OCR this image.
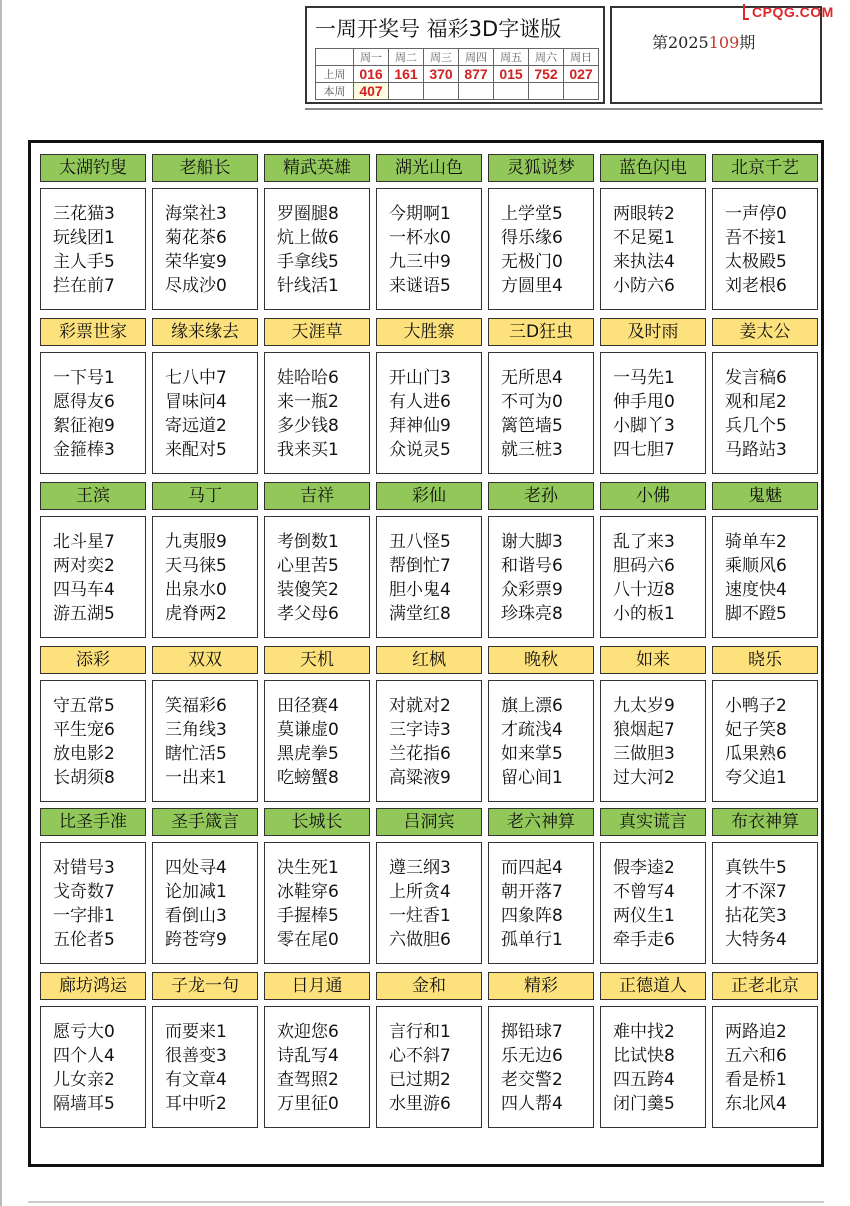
一周开奖号 福彩3D字谜版
	周一	周二	周三	周四	周五	周六	周日
上周	016	161	370	877	015	752	027
本周	407						
第2025109期
CPQG.COM
太湖钓叟
三花猫3
玩线团1
主人手5
拦在前7
老船长
海棠社3
菊花茶6
荣华宴9
尽成沙0
精武英雄
罗圈腿8
炕上做6
手拿线5
针线活1
湖光山色
今期啊1
一杯水0
九三中9
来谜语5
灵狐说梦
上学堂5
得乐缘6
无极门0
方圆里4
蓝色闪电
两眼转2
不足冕1
来执法4
小防六6
北京千艺
一声停0
吾不接1
太极殿5
刘老根6
彩票世家
一下号1
愿得友6
絮征袍9
金箍棒3
缘来缘去
七八中7
冒味问4
寄远道2
来配对5
天涯草
娃哈哈6
来一瓶2
多少钱8
我来买1
大胜寨
开山门3
有人进6
拜神仙9
众说灵5
三D狂虫
无所思4
不可为0
篱笆墙5
就三桩3
及时雨
一马先1
伸手甩0
小脚丫3
四七胆7
姜太公
发言稿6
观和尾2
兵几个5
马路站3
王滨
北斗星7
两对奕2
四马车4
游五湖5
马丁
九夷服9
天马徕5
出泉水0
虎脊两2
吉祥
考倒数1
心里苦5
装傻笑2
孝父母6
彩仙
丑八怪5
帮倒忙7
胆小鬼4
满堂红8
老孙
谢大脚3
和谐号6
众彩票9
珍珠亮8
小佛
乱了来3
胆码六6
八十迈8
小的板1
鬼魅
骑单车2
乘顺风6
速度快4
脚不蹬5
添彩
守五常5
平生宠6
放电影2
长胡须8
双双
笑福彩6
三角线3
瞎忙活5
一出来1
天机
田径赛4
莫谦虚0
黑虎拳5
吃螃蟹8
红枫
对就对2
三字诗3
兰花指6
高粱液9
晚秋
旗上漂6
才疏浅4
如来掌5
留心间1
如来
九太岁9
狼烟起7
三做胆3
过大河2
晓乐
小鸭子2
妃子笑8
瓜果熟6
夸父追1
比圣手准
对错号3
戈奇数7
一字排1
五伦者5
圣手箴言
四处寻4
论加减1
看倒山3
跨苍穹9
长城长
决生死1
冰鞋穿6
手握棒5
零在尾0
吕洞宾
遵三纲3
上所贪4
一炷香1
六做胆6
老六神算
而四起4
朝开落7
四象阵8
孤单行1
真实谎言
假李逵2
不曾写4
两仪生1
牵手走6
布衣神算
真铁牛5
才不深7
拈花笑3
大特务4
廊坊鸿运
愿亏大0
四个人4
儿女亲2
隔墙耳5
子龙一句
而要来1
很善变3
有文章4
耳中听2
日月通
欢迎您6
诗乱写4
查驾照2
万里征0
金和
言行和1
心不斜7
已过期2
水里游6
精彩
掷铅球7
乐无边6
老交警2
四人帮4
正德道人
难中找2
比试快8
四五跨4
闭门羹5
正老北京
两路追2
五六和6
看是桥1
东北风4
